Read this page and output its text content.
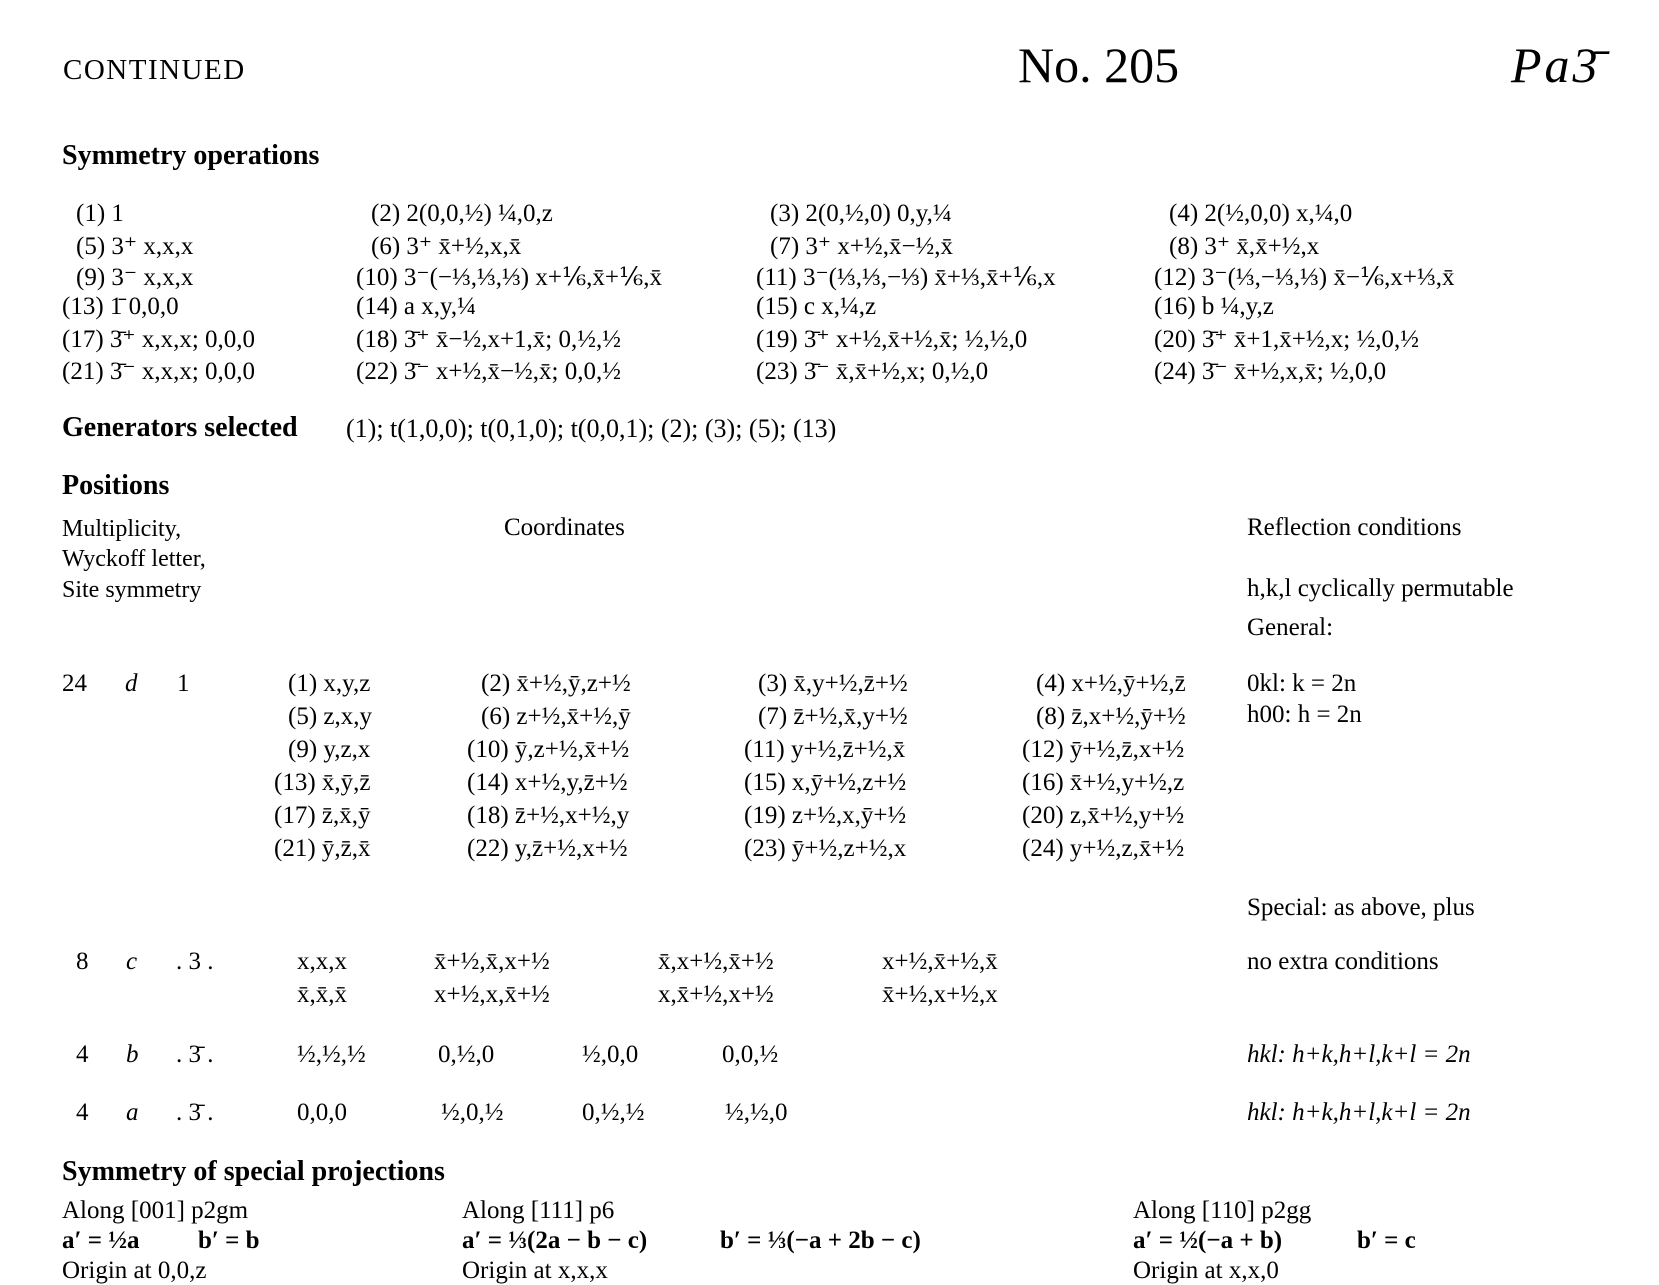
CONTINUED	No. 205	Pa3̄
Symmetry operations
(1) 1	(2) 2(0,0,½) ¼,0,z	(3) 2(0,½,0) 0,y,¼	(4) 2(½,0,0) x,¼,0
(5) 3⁺ x,x,x	(6) 3⁺ x̄+½,x,x̄	(7) 3⁺ x+½,x̄−½,x̄	(8) 3⁺ x̄,x̄+½,x
(9) 3⁻ x,x,x	(10) 3⁻(−⅓,⅓,⅓) x+⅙,x̄+⅙,x̄	(11) 3⁻(⅓,⅓,−⅓) x̄+⅓,x̄+⅙,x	(12) 3⁻(⅓,−⅓,⅓) x̄−⅙,x+⅓,x̄
(13) 1̄ 0,0,0	(14) a x,y,¼	(15) c x,¼,z	(16) b ¼,y,z
(17) 3̄⁺ x,x,x; 0,0,0	(18) 3̄⁺ x̄−½,x+1,x̄; 0,½,½	(19) 3̄⁺ x+½,x̄+½,x̄; ½,½,0	(20) 3̄⁺ x̄+1,x̄+½,x; ½,0,½
(21) 3̄⁻ x,x,x; 0,0,0	(22) 3̄⁻ x+½,x̄−½,x̄; 0,0,½	(23) 3̄⁻ x̄,x̄+½,x; 0,½,0	(24) 3̄⁻ x̄+½,x,x̄; ½,0,0
Generators selected (1); t(1,0,0); t(0,1,0); t(0,0,1); (2); (3); (5); (13)
Positions
Multiplicity,
Wyckoff letter,
Site symmetry
Coordinates	Reflection conditions
h,k,l cyclically permutable
General:
24 d 1	(1) x,y,z	(2) x̄+½,ȳ,z+½	(3) x̄,y+½,z̄+½	(4) x+½,ȳ+½,z̄
(5) z,x,y	(6) z+½,x̄+½,ȳ	(7) z̄+½,x̄,y+½	(8) z̄,x+½,ȳ+½
(9) y,z,x	(10) ȳ,z+½,x̄+½	(11) y+½,z̄+½,x̄	(12) ȳ+½,z̄,x+½
(13) x̄,ȳ,z̄	(14) x+½,y,z̄+½	(15) x,ȳ+½,z+½	(16) x̄+½,y+½,z
(17) z̄,x̄,ȳ	(18) z̄+½,x+½,y	(19) z+½,x,ȳ+½	(20) z,x̄+½,y+½
(21) ȳ,z̄,x̄	(22) y,z̄+½,x+½	(23) ȳ+½,z+½,x	(24) y+½,z,x̄+½
0kl: k = 2n
h00: h = 2n
Special: as above, plus
8 c . 3 .	x,x,x	x̄+½,x̄,x+½	x̄,x+½,x̄+½	x+½,x̄+½,x̄
x̄,x̄,x̄	x+½,x,x̄+½	x,x̄+½,x+½	x̄+½,x+½,x
no extra conditions
4 b . 3̄ .	½,½,½	0,½,0	½,0,0	0,0,½	hkl: h+k,h+l,k+l = 2n
4 a . 3̄ .	0,0,0	½,0,½	0,½,½	½,½,0	hkl: h+k,h+l,k+l = 2n
Symmetry of special projections
Along [001] p2gm
a′ = ½a b′ = b
Origin at 0,0,z
Along [111] p6
a′ = ⅓(2a − b − c)	b′ = ⅓(−a + 2b − c)
Origin at x,x,x
Along [110] p2gg
a′ = ½(−a + b)	b′ = c
Origin at x,x,0
